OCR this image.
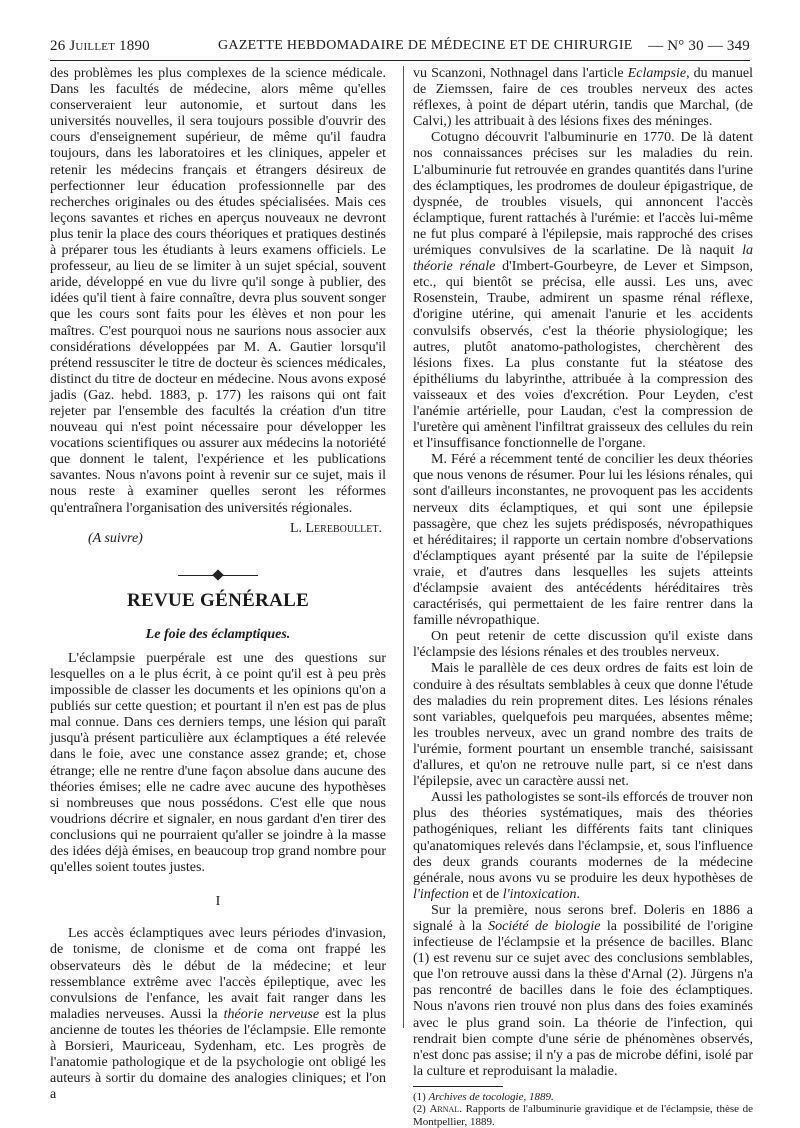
26 Juillet 1890	GAZETTE HEBDOMADAIRE DE MÉDECINE ET DE CHIRURGIE — N° 30 — 349

des problèmes les plus complexes de la science médicale. Dans les facultés de médecine, alors même qu'elles conserveraient leur autonomie, et surtout dans les universités nouvelles, il sera toujours possible d'ouvrir des cours d'enseignement supérieur, de même qu'il faudra toujours, dans les laboratoires et les cliniques, appeler et retenir les médecins français et étrangers désireux de perfectionner leur éducation professionnelle par des recherches originales ou des études spécialisées. Mais ces leçons savantes et riches en aperçus nouveaux ne devront plus tenir la place des cours théoriques et pratiques destinés à préparer tous les étudiants à leurs examens officiels. Le professeur, au lieu de se limiter à un sujet spécial, souvent aride, développé en vue du livre qu'il songe à publier, des idées qu'il tient à faire connaître, devra plus souvent songer que les cours sont faits pour les élèves et non pour les maîtres. C'est pourquoi nous ne saurions nous associer aux considérations développées par M. A. Gautier lorsqu'il prétend ressusciter le titre de docteur ès sciences médicales, distinct du titre de docteur en médecine. Nous avons exposé jadis (Gaz. hebd. 1883, p. 177) les raisons qui ont fait rejeter par l'ensemble des facultés la création d'un titre nouveau qui n'est point nécessaire pour développer les vocations scientifiques ou assurer aux médecins la notoriété que donnent le talent, l'expérience et les publications savantes. Nous n'avons point à revenir sur ce sujet, mais il nous reste à examiner quelles seront les réformes qu'entraînera l'organisation des universités régionales.

(A suivre)
L. Lereboullet.
REVUE GÉNÉRALE
Le foie des éclamptiques.

L'éclampsie puerpérale est une des questions sur lesquelles on a le plus écrit, à ce point qu'il est à peu près impossible de classer les documents et les opinions qu'on a publiés sur cette question; et pourtant il n'en est pas de plus mal connue. Dans ces derniers temps, une lésion qui paraît jusqu'à présent particulière aux éclamptiques a été relevée dans le foie, avec une constance assez grande; et, chose étrange; elle ne rentre d'une façon absolue dans aucune des théories émises; elle ne cadre avec aucune des hypothèses si nombreuses que nous possédons. C'est elle que nous voudrions décrire et signaler, en nous gardant d'en tirer des conclusions qui ne pourraient qu'aller se joindre à la masse des idées déjà émises, en beaucoup trop grand nombre pour qu'elles soient toutes justes.

I

Les accès éclamptiques avec leurs périodes d'invasion, de tonisme, de clonisme et de coma ont frappé les observateurs dès le début de la médecine; et leur ressemblance extrême avec l'accès épileptique, avec les convulsions de l'enfance, les avait fait ranger dans les maladies nerveuses. Aussi la théorie nerveuse est la plus ancienne de toutes les théories de l'éclampsie. Elle remonte à Borsieri, Mauriceau, Sydenham, etc. Les progrès de l'anatomie pathologique et de la psychologie ont obligé les auteurs à sortir du domaine des analogies cliniques; et l'on a

vu Scanzoni, Nothnagel dans l'article Eclampsie, du manuel de Ziemssen, faire de ces troubles nerveux des actes réflexes, à point de départ utérin, tandis que Marchal, (de Calvi,) les attribuait à des lésions fixes des méninges.

Cotugno découvrit l'albuminurie en 1770. De là datent nos connaissances précises sur les maladies du rein. L'albuminurie fut retrouvée en grandes quantités dans l'urine des éclamptiques, les prodromes de douleur épigastrique, de dyspnée, de troubles visuels, qui annoncent l'accès éclamptique, furent rattachés à l'urémie: et l'accès lui-même ne fut plus comparé à l'épilepsie, mais rapproché des crises urémiques convulsives de la scarlatine. De là naquit la théorie rénale d'Imbert-Gourbeyre, de Lever et Simpson, etc., qui bientôt se précisa, elle aussi. Les uns, avec Rosenstein, Traube, admirent un spasme rénal réflexe, d'origine utérine, qui amenait l'anurie et les accidents convulsifs observés, c'est la théorie physiologique; les autres, plutôt anatomo-pathologistes, cherchèrent des lésions fixes. La plus constante fut la stéatose des épithéliums du labyrinthe, attribuée à la compression des vaisseaux et des voies d'excrétion. Pour Leyden, c'est l'anémie artérielle, pour Laudan, c'est la compression de l'uretère qui amènent l'infiltrat graisseux des cellules du rein et l'insuffisance fonctionnelle de l'organe.

M. Féré a récemment tenté de concilier les deux théories que nous venons de résumer. Pour lui les lésions rénales, qui sont d'ailleurs inconstantes, ne provoquent pas les accidents nerveux dits éclamptiques, et qui sont une épilepsie passagère, que chez les sujets prédisposés, névropathiques et héréditaires; il rapporte un certain nombre d'observations d'éclamptiques ayant présenté par la suite de l'épilepsie vraie, et d'autres dans lesquelles les sujets atteints d'éclampsie avaient des antécédents héréditaires très caractérisés, qui permettaient de les faire rentrer dans la famille névropathique.

On peut retenir de cette discussion qu'il existe dans l'éclampsie des lésions rénales et des troubles nerveux.

Mais le parallèle de ces deux ordres de faits est loin de conduire à des résultats semblables à ceux que donne l'étude des maladies du rein proprement dites. Les lésions rénales sont variables, quelquefois peu marquées, absentes même; les troubles nerveux, avec un grand nombre des traits de l'urémie, forment pourtant un ensemble tranché, saisissant d'allures, et qu'on ne retrouve nulle part, si ce n'est dans l'épilepsie, avec un caractère aussi net.

Aussi les pathologistes se sont-ils efforcés de trouver non plus des théories systématiques, mais des théories pathogéniques, reliant les différents faits tant cliniques qu'anatomiques relevés dans l'éclampsie, et, sous l'influence des deux grands courants modernes de la médecine générale, nous avons vu se produire les deux hypothèses de l'infection et de l'intoxication.

Sur la première, nous serons bref. Doleris en 1886 a signalé à la Société de biologie la possibilité de l'origine infectieuse de l'éclampsie et la présence de bacilles. Blanc (1) est revenu sur ce sujet avec des conclusions semblables, que l'on retrouve aussi dans la thèse d'Arnal (2). Jürgens n'a pas rencontré de bacilles dans le foie des éclamptiques. Nous n'avons rien trouvé non plus dans des foies examinés avec le plus grand soin. La théorie de l'infection, qui rendrait bien compte d'une série de phénomènes observés, n'est donc pas assise; il n'y a pas de microbe défini, isolé par la culture et reproduisant la maladie.

(1) Archives de tocologie, 1889.

(2) Arnal. Rapports de l'albuminurie gravidique et de l'éclampsie, thèse de Montpellier, 1889.
